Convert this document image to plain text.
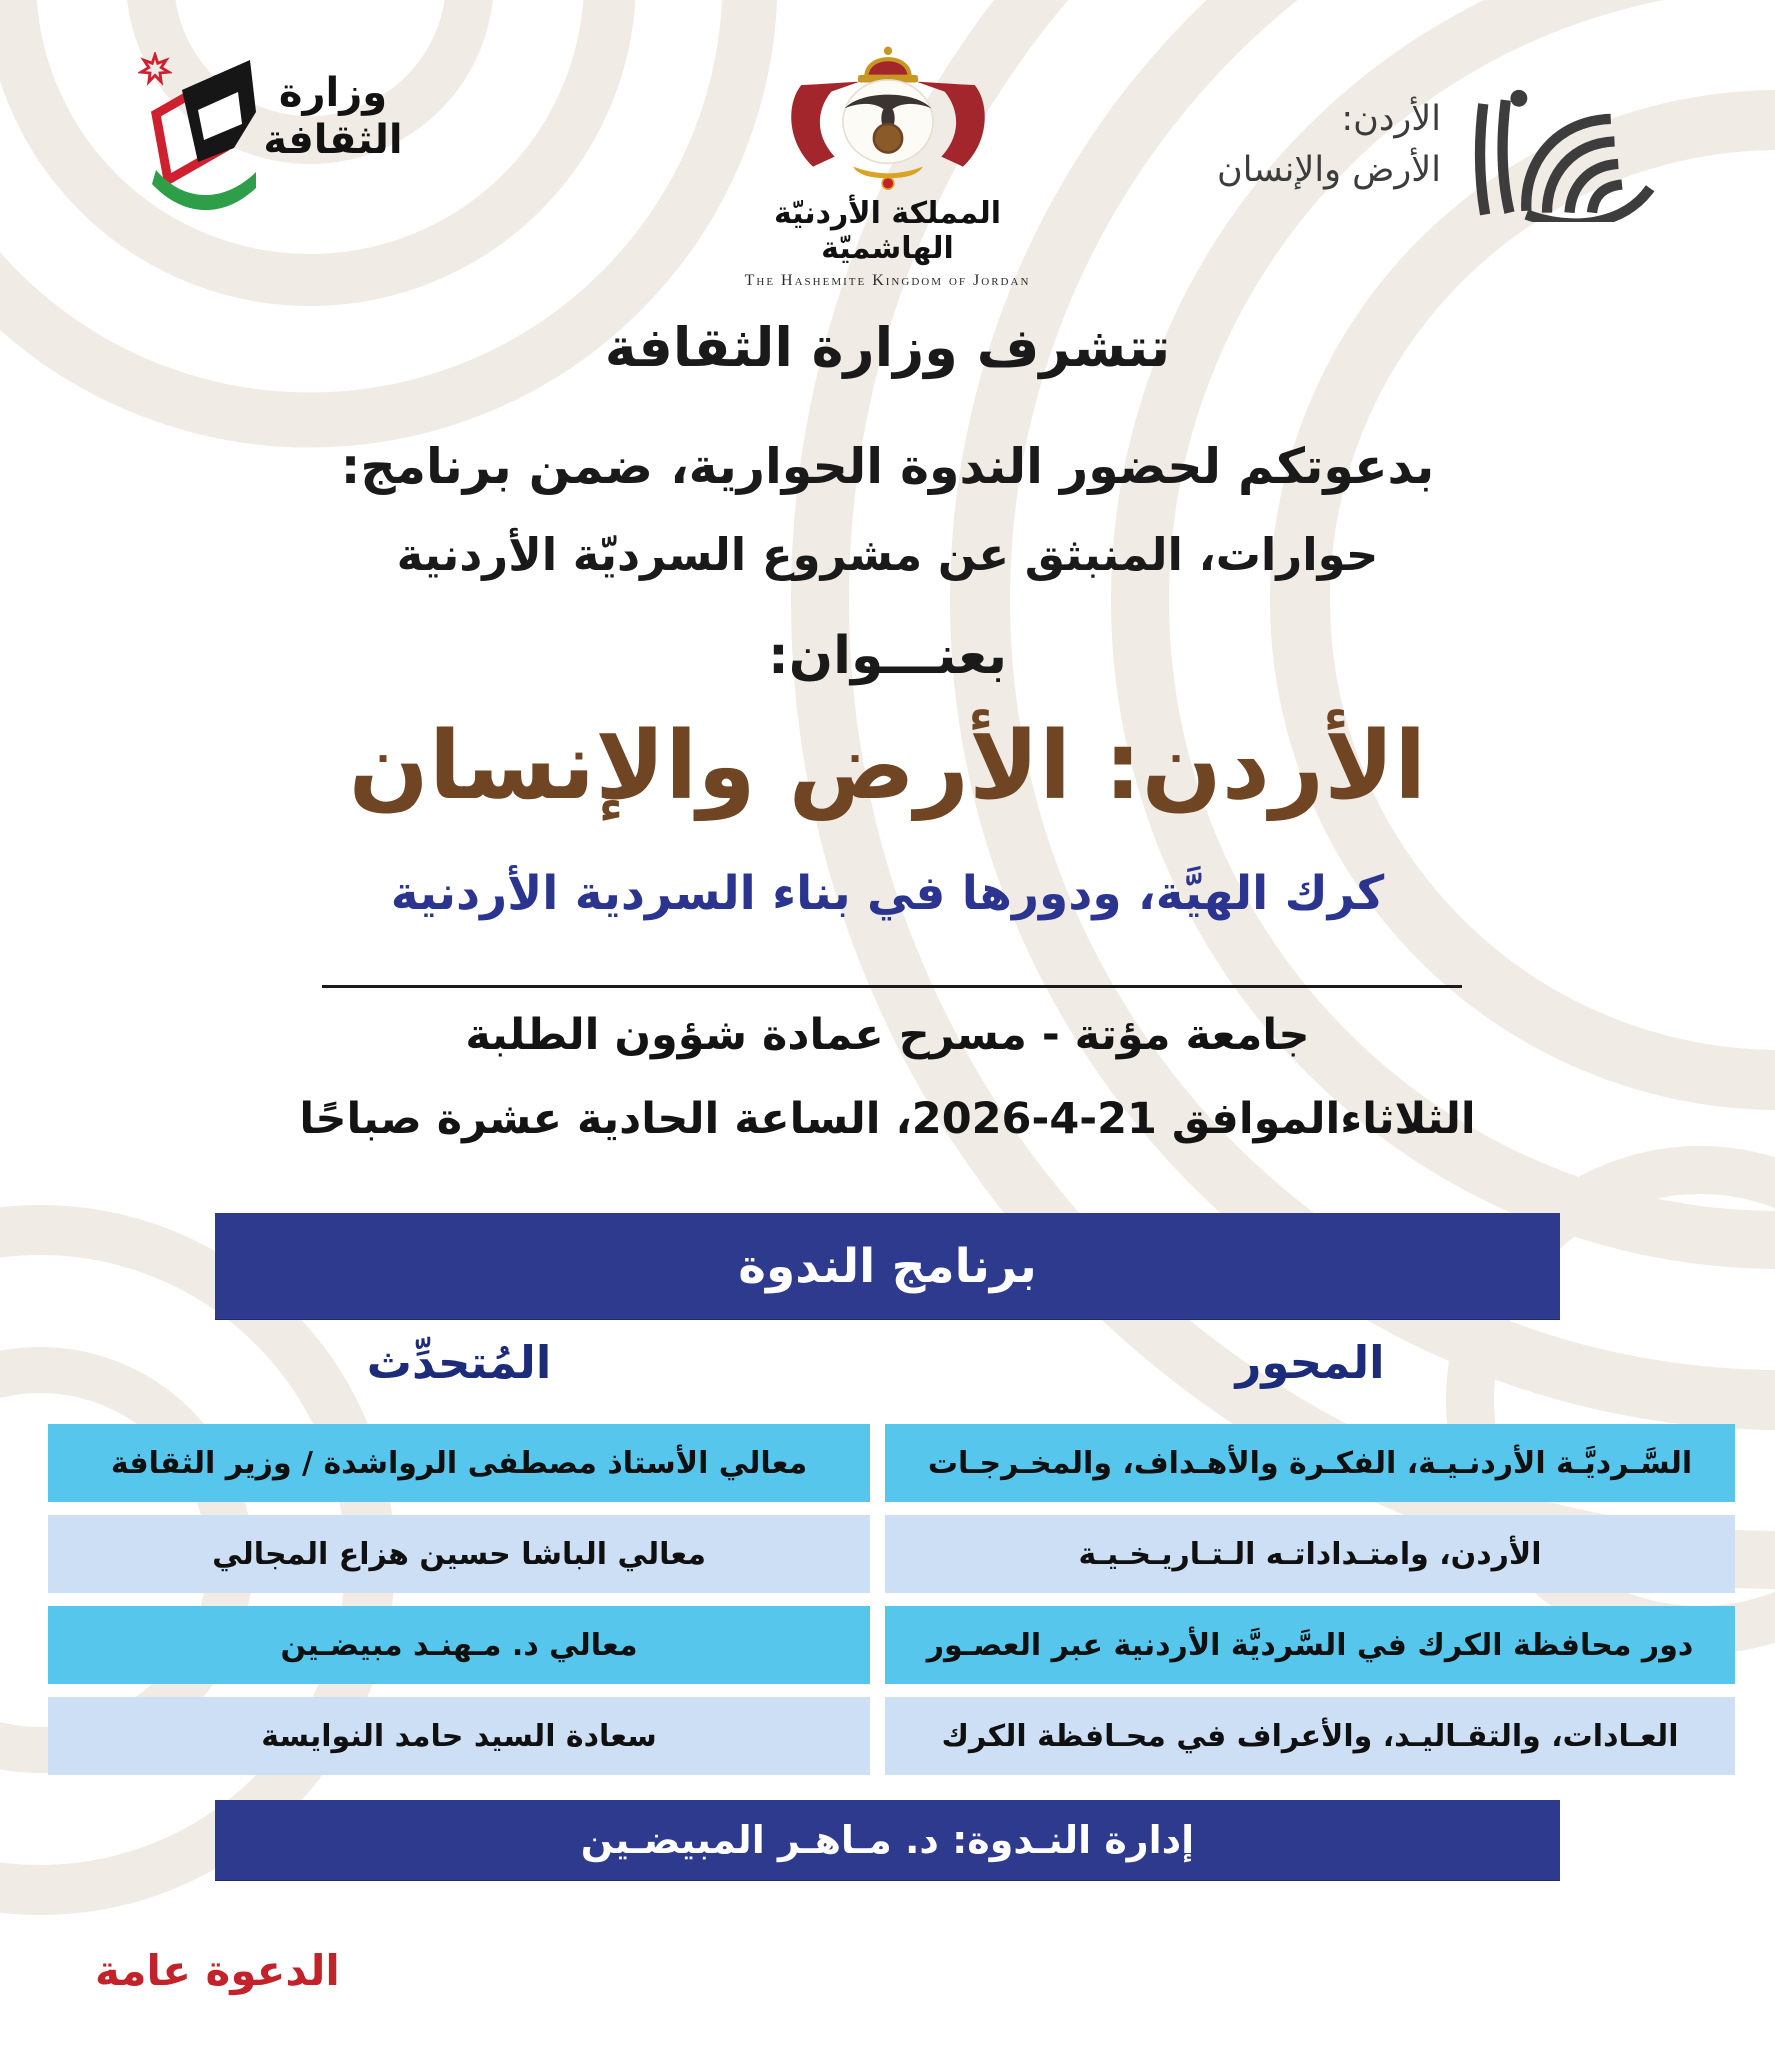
وزارة
الثقافة
المملكة الأردنيّة الهاشميّة
The Hashemite Kingdom of Jordan
الأردن:
الأرض والإنسان
تتشرف وزارة الثقافة
بدعوتكم لحضور الندوة الحوارية، ضمن برنامج:
حوارات، المنبثق عن مشروع السرديّة الأردنية
بعنـــوان:
الأردن: الأرض والإنسان
كرك الهيَّة، ودورها في بناء السردية الأردنية
جامعة مؤتة - مسرح عمادة شؤون الطلبة
الثلاثاءالموافق 21-4-2026، الساعة الحادية عشرة صباحًا
برنامج الندوة
المحور
المُتحدِّث
السَّـرديَّـة الأردنـيـة، الفكـرة والأهـداف، والمخـرجـات
معالي الأستاذ مصطفى الرواشدة / وزير الثقافة
الأردن، وامتـداداتـه الـتـاريـخـيـة
معالي الباشا حسين هزاع المجالي
دور محافظة الكرك في السَّرديَّة الأردنية عبر العصـور
معالي د. مـهنـد مبيضـين
العـادات، والتقـاليـد، والأعراف في محـافظة الكرك
سعادة السيد حامد النوايسة
إدارة النـدوة: د. مـاهـر المبيضـين
الدعوة عامة
